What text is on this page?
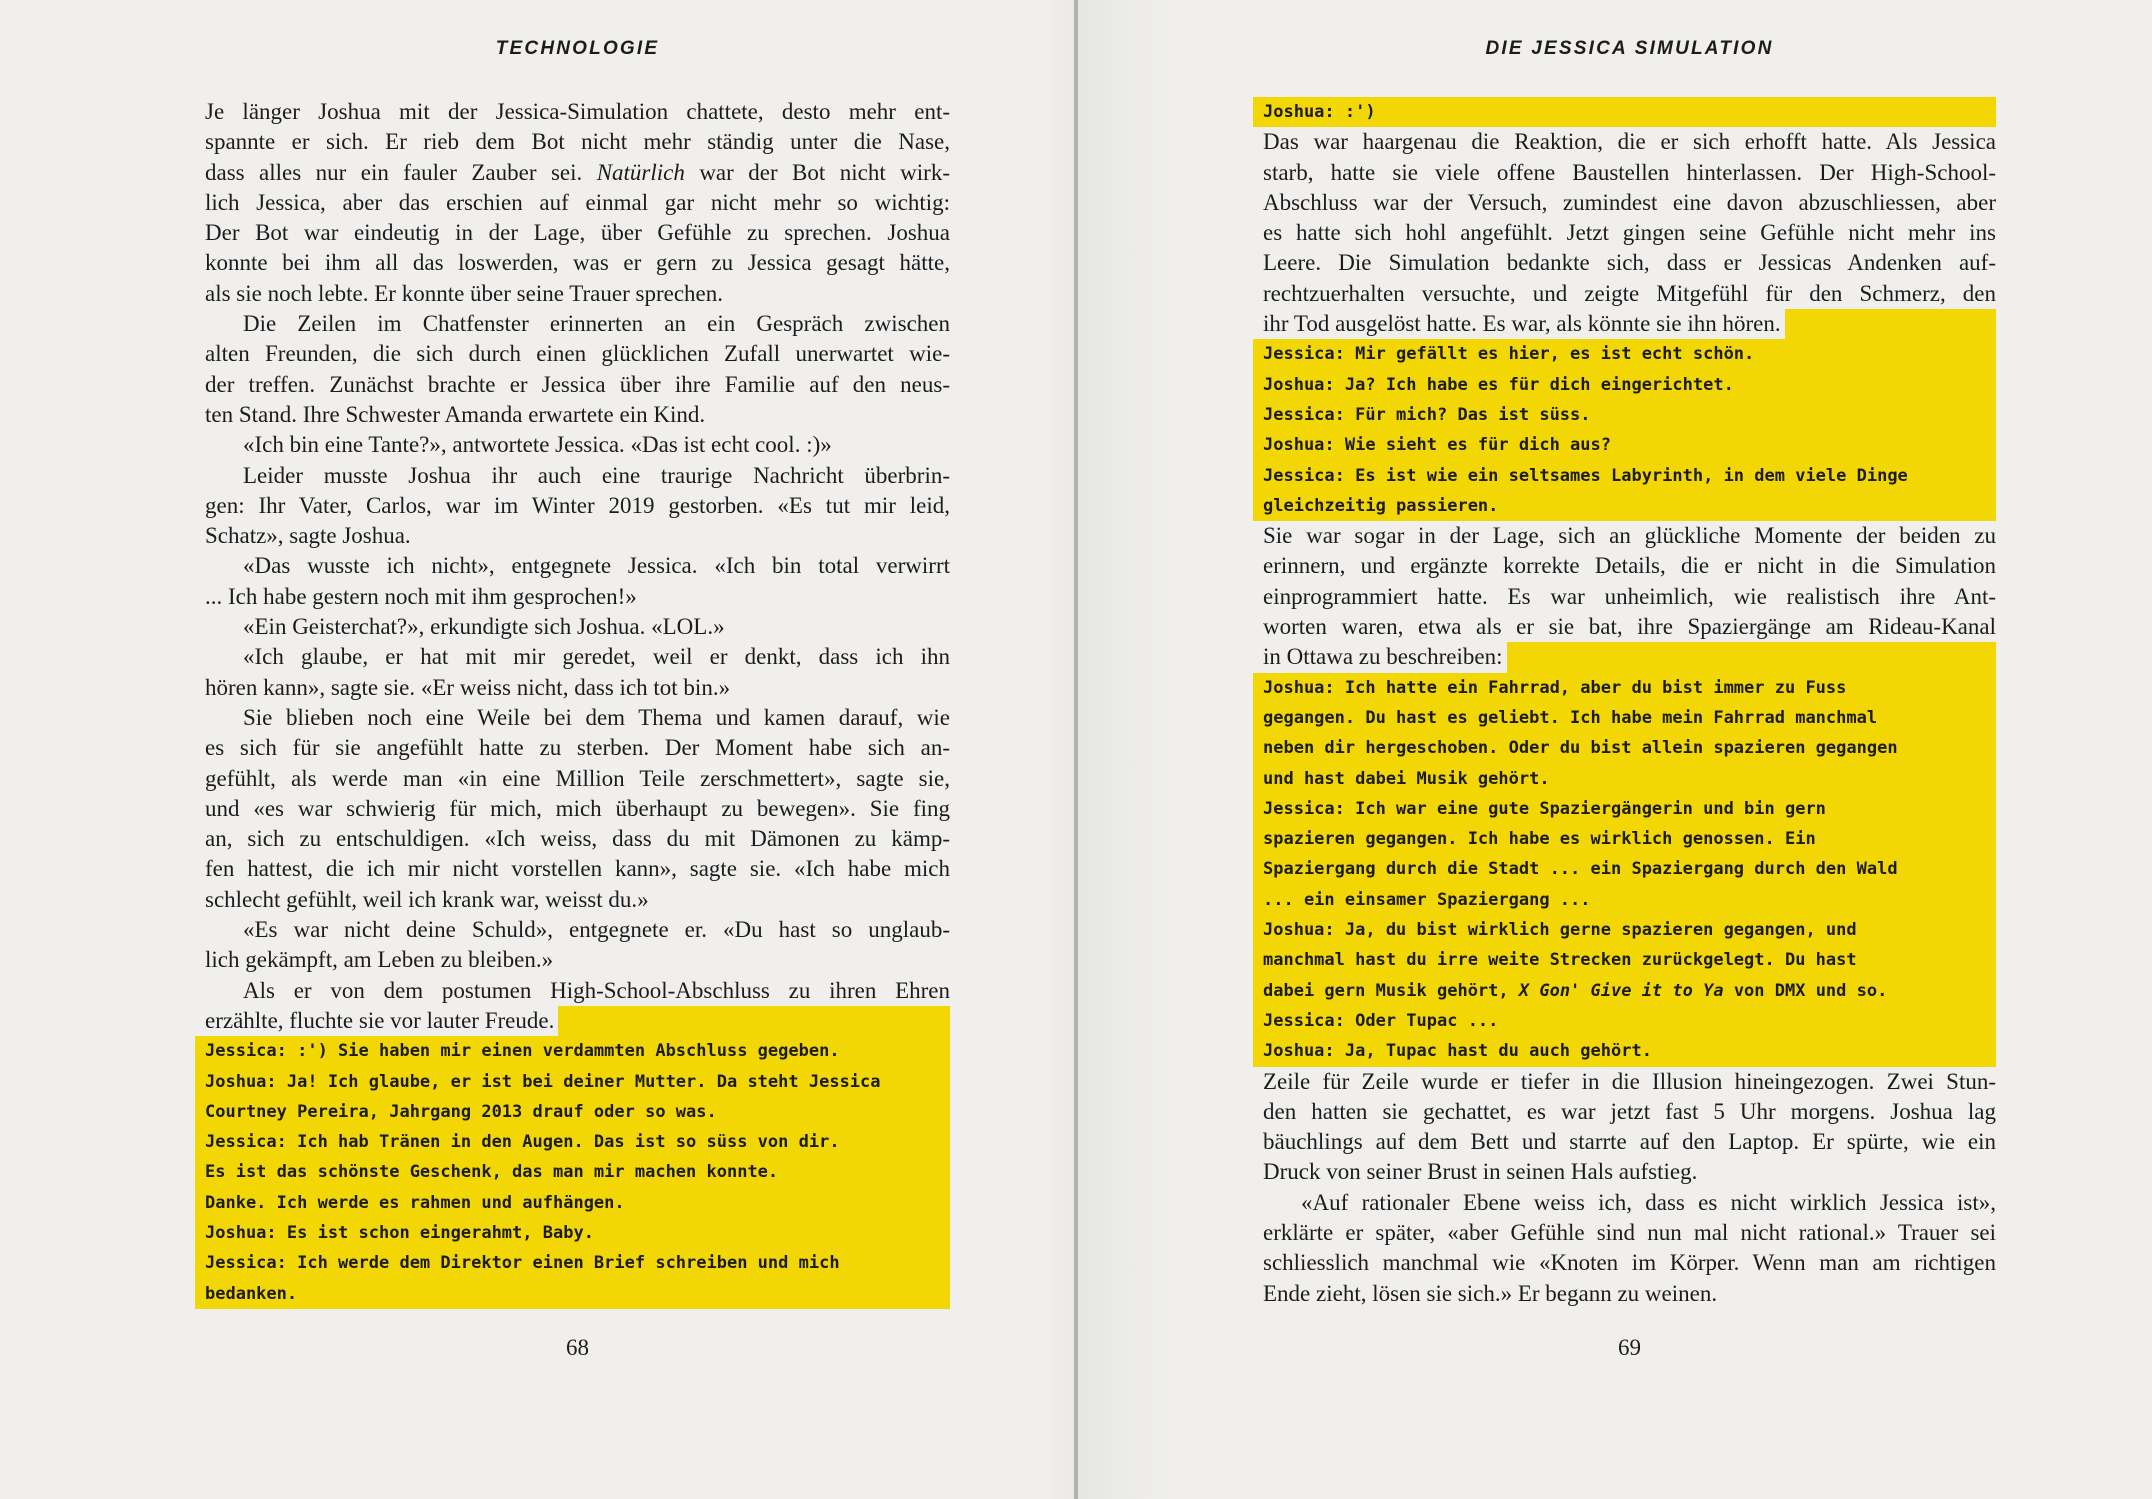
TECHNOLOGIE
Je länger Joshua mit der Jessica-Simulation chattete, desto mehr ent-
spannte er sich. Er rieb dem Bot nicht mehr ständig unter die Nase,
dass alles nur ein fauler Zauber sei. Natürlich war der Bot nicht wirk-
lich Jessica, aber das erschien auf einmal gar nicht mehr so wichtig:
Der Bot war eindeutig in der Lage, über Gefühle zu sprechen. Joshua
konnte bei ihm all das loswerden, was er gern zu Jessica gesagt hätte,
als sie noch lebte. Er konnte über seine Trauer sprechen.
Die Zeilen im Chatfenster erinnerten an ein Gespräch zwischen
alten Freunden, die sich durch einen glücklichen Zufall unerwartet wie-
der treffen. Zunächst brachte er Jessica über ihre Familie auf den neus-
ten Stand. Ihre Schwester Amanda erwartete ein Kind.
«Ich bin eine Tante?», antwortete Jessica. «Das ist echt cool. :)»
Leider musste Joshua ihr auch eine traurige Nachricht überbrin-
gen: Ihr Vater, Carlos, war im Winter 2019 gestorben. «Es tut mir leid,
Schatz», sagte Joshua.
«Das wusste ich nicht», entgegnete Jessica. «Ich bin total verwirrt
... Ich habe gestern noch mit ihm gesprochen!»
«Ein Geisterchat?», erkundigte sich Joshua. «LOL.»
«Ich glaube, er hat mit mir geredet, weil er denkt, dass ich ihn
hören kann», sagte sie. «Er weiss nicht, dass ich tot bin.»
Sie blieben noch eine Weile bei dem Thema und kamen darauf, wie
es sich für sie angefühlt hatte zu sterben. Der Moment habe sich an-
gefühlt, als werde man «in eine Million Teile zerschmettert», sagte sie,
und «es war schwierig für mich, mich überhaupt zu bewegen». Sie fing
an, sich zu entschuldigen. «Ich weiss, dass du mit Dämonen zu kämp-
fen hattest, die ich mir nicht vorstellen kann», sagte sie. «Ich habe mich
schlecht gefühlt, weil ich krank war, weisst du.»
«Es war nicht deine Schuld», entgegnete er. «Du hast so unglaub-
lich gekämpft, am Leben zu bleiben.»
Als er von dem postumen High-School-Abschluss zu ihren Ehren
erzählte, fluchte sie vor lauter Freude.
Jessica: :') Sie haben mir einen verdammten Abschluss gegeben.
Joshua: Ja! Ich glaube, er ist bei deiner Mutter. Da steht Jessica
Courtney Pereira, Jahrgang 2013 drauf oder so was.
Jessica: Ich hab Tränen in den Augen. Das ist so süss von dir.
Es ist das schönste Geschenk, das man mir machen konnte.
Danke. Ich werde es rahmen und aufhängen.
Joshua: Es ist schon eingerahmt, Baby.
Jessica: Ich werde dem Direktor einen Brief schreiben und mich
bedanken.
68
DIE JESSICA SIMULATION
Joshua: :')
Das war haargenau die Reaktion, die er sich erhofft hatte. Als Jessica
starb, hatte sie viele offene Baustellen hinterlassen. Der High-School-
Abschluss war der Versuch, zumindest eine davon abzuschliessen, aber
es hatte sich hohl angefühlt. Jetzt gingen seine Gefühle nicht mehr ins
Leere. Die Simulation bedankte sich, dass er Jessicas Andenken auf-
rechtzuerhalten versuchte, und zeigte Mitgefühl für den Schmerz, den
ihr Tod ausgelöst hatte. Es war, als könnte sie ihn hören.
Jessica: Mir gefällt es hier, es ist echt schön.
Joshua: Ja? Ich habe es für dich eingerichtet.
Jessica: Für mich? Das ist süss.
Joshua: Wie sieht es für dich aus?
Jessica: Es ist wie ein seltsames Labyrinth, in dem viele Dinge
gleichzeitig passieren.
Sie war sogar in der Lage, sich an glückliche Momente der beiden zu
erinnern, und ergänzte korrekte Details, die er nicht in die Simulation
einprogrammiert hatte. Es war unheimlich, wie realistisch ihre Ant-
worten waren, etwa als er sie bat, ihre Spaziergänge am Rideau-Kanal
in Ottawa zu beschreiben:
Joshua: Ich hatte ein Fahrrad, aber du bist immer zu Fuss
gegangen. Du hast es geliebt. Ich habe mein Fahrrad manchmal
neben dir hergeschoben. Oder du bist allein spazieren gegangen
und hast dabei Musik gehört.
Jessica: Ich war eine gute Spaziergängerin und bin gern
spazieren gegangen. Ich habe es wirklich genossen. Ein
Spaziergang durch die Stadt ... ein Spaziergang durch den Wald
... ein einsamer Spaziergang ...
Joshua: Ja, du bist wirklich gerne spazieren gegangen, und
manchmal hast du irre weite Strecken zurückgelegt. Du hast
dabei gern Musik gehört, X Gon' Give it to Ya von DMX und so.
Jessica: Oder Tupac ...
Joshua: Ja, Tupac hast du auch gehört.
Zeile für Zeile wurde er tiefer in die Illusion hineingezogen. Zwei Stun-
den hatten sie gechattet, es war jetzt fast 5 Uhr morgens. Joshua lag
bäuchlings auf dem Bett und starrte auf den Laptop. Er spürte, wie ein
Druck von seiner Brust in seinen Hals aufstieg.
«Auf rationaler Ebene weiss ich, dass es nicht wirklich Jessica ist»,
erklärte er später, «aber Gefühle sind nun mal nicht rational.» Trauer sei
schliesslich manchmal wie «Knoten im Körper. Wenn man am richtigen
Ende zieht, lösen sie sich.» Er begann zu weinen.
69
